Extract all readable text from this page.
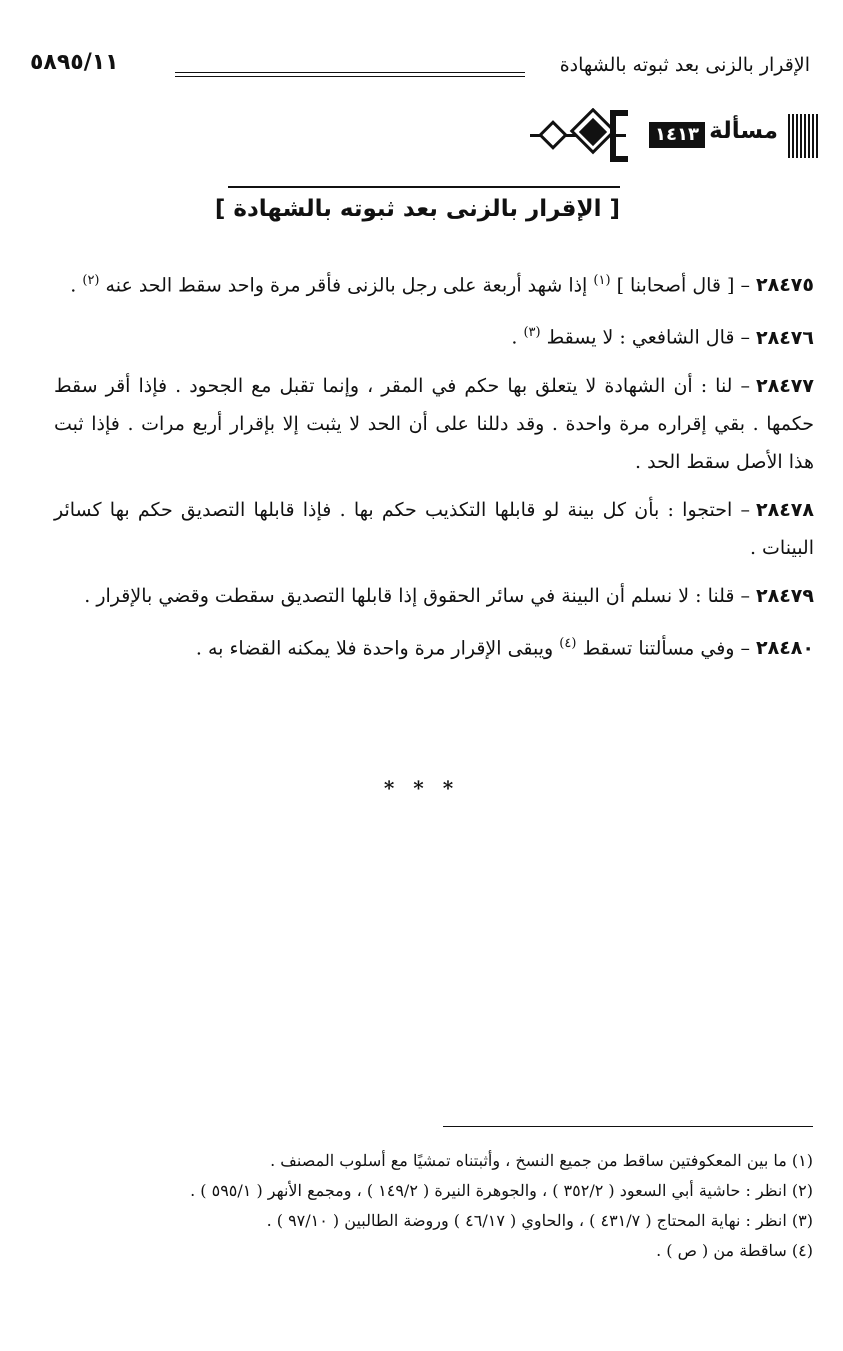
الإقرار بالزنى بعد ثبوته بالشهادة
٥٨٩٥/١١
مسألة
١٤١٣
[ الإقرار بالزنى بعد ثبوته بالشهادة ]

٢٨٤٧٥– [ قال أصحابنا ] $^{(١)}$ إذا شهد أربعة على رجل بالزنى فأقر مرة واحد سقط الحد عنه $^{(٢)}$ .

٢٨٤٧٦– قال الشافعي : لا يسقط $^{(٣)}$ .

٢٨٤٧٧– لنا : أن الشهادة لا يتعلق بها حكم في المقر ، وإنما تقبل مع الجحود . فإذا أقر سقط حكمها . بقي إقراره مرة واحدة . وقد دللنا على أن الحد لا يثبت إلا بإقرار أربع مرات . فإذا ثبت هذا الأصل سقط الحد .

٢٨٤٧٨– احتجوا : بأن كل بينة لو قابلها التكذيب حكم بها . فإذا قابلها التصديق حكم بها كسائر البينات .

٢٨٤٧٩– قلنا : لا نسلم أن البينة في سائر الحقوق إذا قابلها التصديق سقطت وقضي بالإقرار .

٢٨٤٨٠– وفي مسألتنا تسقط $^{(٤)}$ ويبقى الإقرار مرة واحدة فلا يمكنه القضاء به .

* * *
(١) ما بين المعكوفتين ساقط من جميع النسخ ، وأثبتناه تمشيًا مع أسلوب المصنف .
(٢) انظر : حاشية أبي السعود ( ٣٥٢/٢ ) ، والجوهرة النيرة ( ١٤٩/٢ ) ، ومجمع الأنهر ( ٥٩٥/١ ) .
(٣) انظر : نهاية المحتاج ( ٤٣١/٧ ) ، والحاوي ( ٤٦/١٧ ) وروضة الطالبين ( ٩٧/١٠ ) .
(٤) ساقطة من ( ص ) .
